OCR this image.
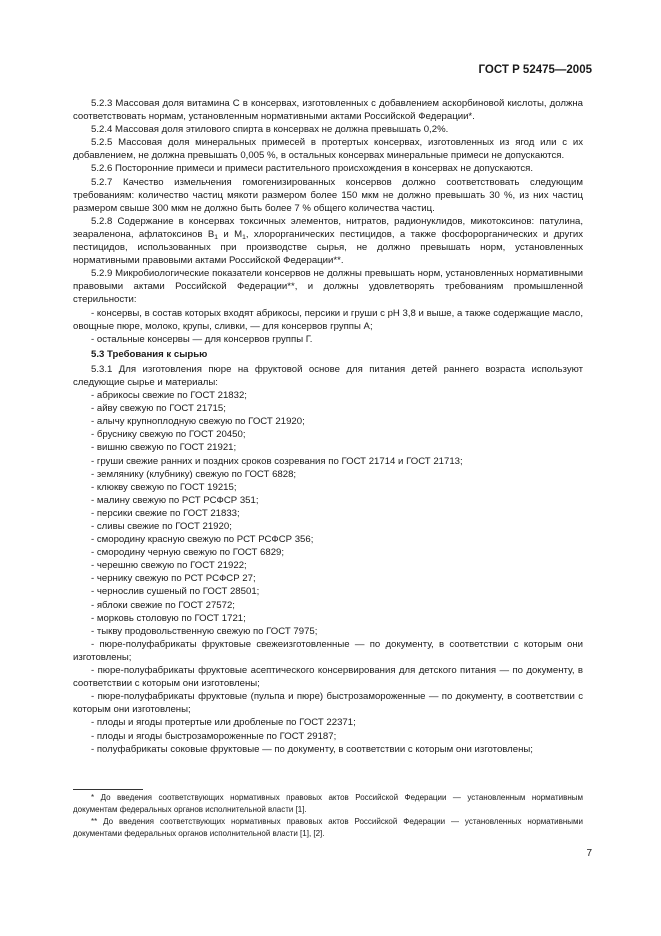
ГОСТ Р 52475—2005

5.2.3 Массовая доля витамина С в консервах, изготовленных с добавлением аскорбиновой кислоты, должна соответствовать нормам, установленным нормативными актами Российской Федерации*.

5.2.4 Массовая доля этилового спирта в консервах не должна превышать 0,2%.

5.2.5 Массовая доля минеральных примесей в протертых консервах, изготовленных из ягод или с их добавлением, не должна превышать 0,005 %, в остальных консервах минеральные примеси не допускаются.

5.2.6 Посторонние примеси и примеси растительного происхождения в консервах не допускаются.

5.2.7 Качество измельчения гомогенизированных консервов должно соответствовать следующим требованиям: количество частиц мякоти размером более 150 мкм не должно превышать 30 %, из них частиц размером свыше 300 мкм не должно быть более 7 % общего количества частиц.

5.2.8 Содержание в консервах токсичных элементов, нитратов, радионуклидов, микотоксинов: патулина, зеараленона, афлатоксинов $B_1$ и $M_1$, хлорорганических пестицидов, а также фосфорорганических и других пестицидов, использованных при производстве сырья, не должно превышать норм, установленных нормативными правовыми актами Российской Федерации**.

5.2.9 Микробиологические показатели консервов не должны превышать норм, установленных нормативными правовыми актами Российской Федерации**, и должны удовлетворять требованиям промышленной стерильности:

- консервы, в состав которых входят абрикосы, персики и груши с pH 3,8 и выше, а также содержащие масло, овощные пюре, молоко, крупы, сливки, — для консервов группы А;

- остальные консервы — для консервов группы Г.

5.3 Требования к сырью

5.3.1 Для изготовления пюре на фруктовой основе для питания детей раннего возраста используют следующие сырье и материалы:

- абрикосы свежие по ГОСТ 21832;

- айву свежую по ГОСТ 21715;

- алычу крупноплодную свежую по ГОСТ 21920;

- бруснику свежую по ГОСТ 20450;

- вишню свежую по ГОСТ 21921;

- груши свежие ранних и поздних сроков созревания по ГОСТ 21714 и ГОСТ 21713;

- землянику (клубнику) свежую по ГОСТ 6828;

- клюкву свежую по ГОСТ 19215;

- малину свежую по РСТ РСФСР 351;

- персики свежие по ГОСТ 21833;

- сливы свежие по ГОСТ 21920;

- смородину красную свежую по РСТ РСФСР 356;

- смородину черную свежую по ГОСТ 6829;

- черешню свежую по ГОСТ 21922;

- чернику свежую по РСТ РСФСР 27;

- чернослив сушеный по ГОСТ 28501;

- яблоки свежие по ГОСТ 27572;

- морковь столовую по ГОСТ 1721;

- тыкву продовольственную свежую по ГОСТ 7975;

- пюре-полуфабрикаты фруктовые свежеизготовленные — по документу, в соответствии с которым они изготовлены;

- пюре-полуфабрикаты фруктовые асептического консервирования для детского питания — по документу, в соответствии с которым они изготовлены;

- пюре-полуфабрикаты фруктовые (пульпа и пюре) быстрозамороженные — по документу, в соответствии с которым они изготовлены;

- плоды и ягоды протертые или дробленые по ГОСТ 22371;

- плоды и ягоды быстрозамороженные по ГОСТ 29187;

- полуфабрикаты соковые фруктовые — по документу, в соответствии с которым они изготовлены;

* До введения соответствующих нормативных правовых актов Российской Федерации — установленным нормативным документам федеральных органов исполнительной власти [1].

** До введения соответствующих нормативных правовых актов Российской Федерации — установленных нормативными документами федеральных органов исполнительной власти [1], [2].

7
